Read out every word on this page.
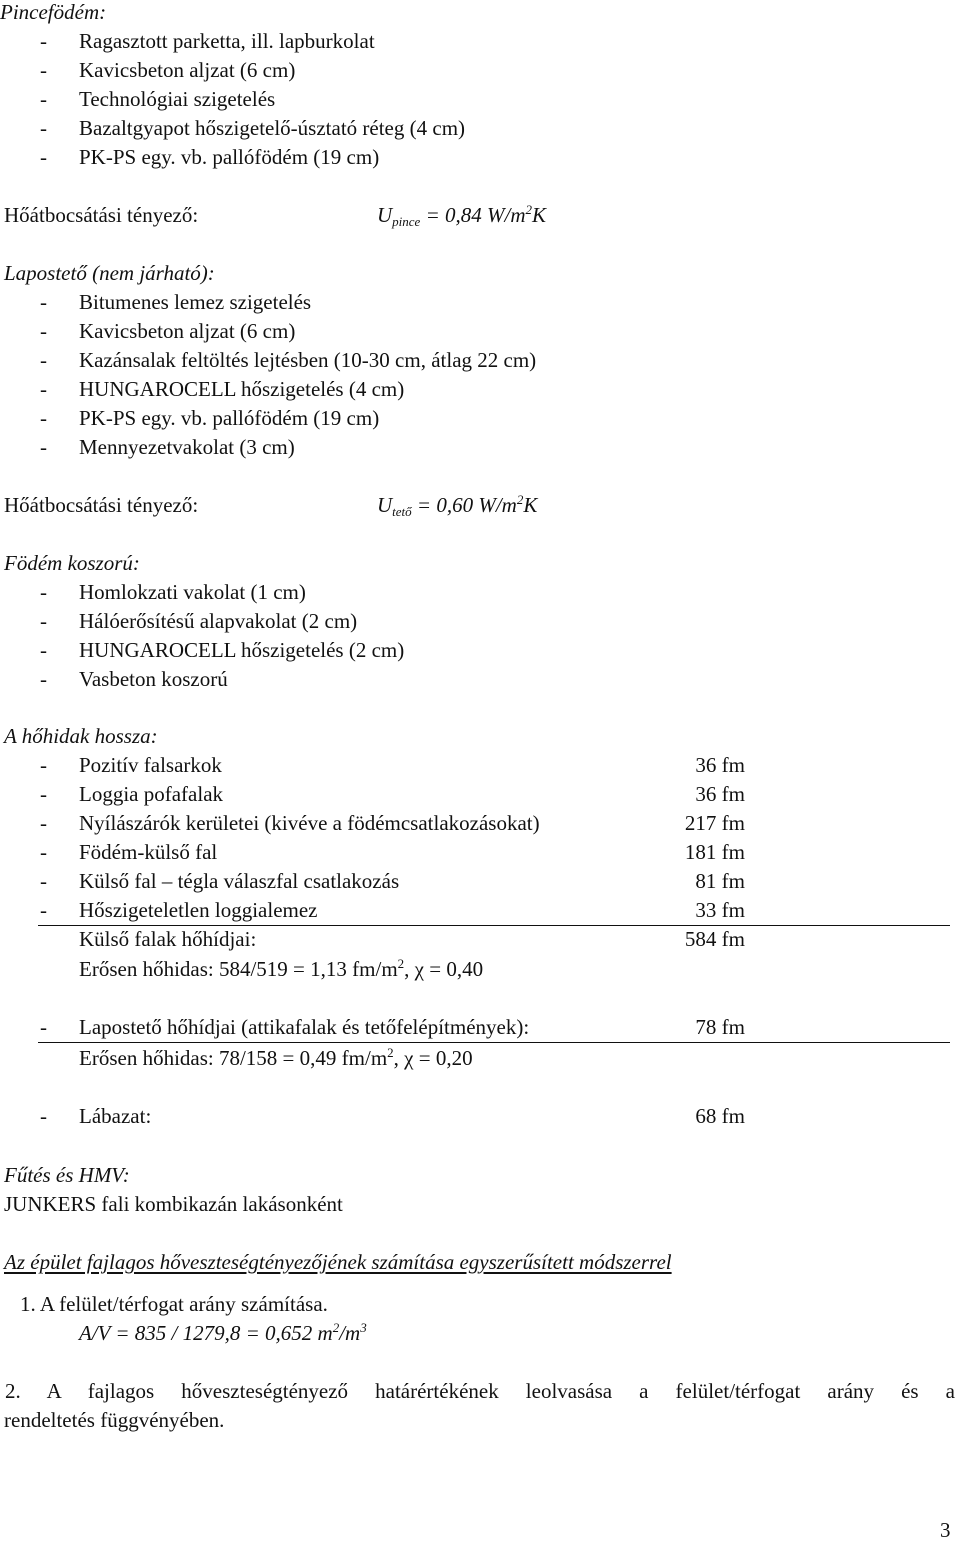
Pincefödém:
- Ragasztott parketta, ill. lapburkolat
- Kavicsbeton aljzat (6 cm)
- Technológiai szigetelés
- Bazaltgyapot hőszigetelő-úsztató réteg (4 cm)
- PK-PS egy. vb. pallófödém (19 cm)
Hőátbocsátási tényező:	$U_{pince} = 0,84$ $W/m^2K$
Lapostető (nem járható):
- Bitumenes lemez szigetelés
- Kavicsbeton aljzat (6 cm)
- Kazánsalak feltöltés lejtésben (10-30 cm, átlag 22 cm)
- HUNGAROCELL hőszigetelés (4 cm)
- PK-PS egy. vb. pallófödém (19 cm)
- Mennyezetvakolat (3 cm)
Hőátbocsátási tényező:	$U_{tető} = 0,60$ $W/m^2K$
Födém koszorú:
- Homlokzati vakolat (1 cm)
- Hálóerősítésű alapvakolat (2 cm)
- HUNGAROCELL hőszigetelés (2 cm)
- Vasbeton koszorú
A hőhidak hossza:
- Pozitív falsarkok	36 fm
- Loggia pofafalak	36 fm
- Nyílászárók kerületei (kivéve a födémcsatlakozásokat)	217 fm
- Födém-külső fal	181 fm
- Külső fal – tégla válaszfal csatlakozás	81 fm
- Hőszigeteletlen loggialemez	33 fm
Külső falak hőhídjai:	584 fm
Erősen hőhidas: 584/519 = 1,13 $fm/m^2$, χ = 0,40
- Lapostető hőhídjai (attikafalak és tetőfelépítmények):	78 fm
Erősen hőhidas: 78/158 = 0,49 $fm/m^2$, χ = 0,20
- Lábazat:	68 fm
Fűtés és HMV:
JUNKERS fali kombikazán lakásonként
Az épület fajlagos hőveszteségtényezőjének számítása egyszerűsített módszerrel
1. A felület/térfogat arány számítása.
A/V = 835 / 1279,8 = 0,652 $m^2/m^3$
2. A fajlagos hőveszteségtényező határértékének leolvasása a felület/térfogat arány és a
rendeltetés függvényében.
3
